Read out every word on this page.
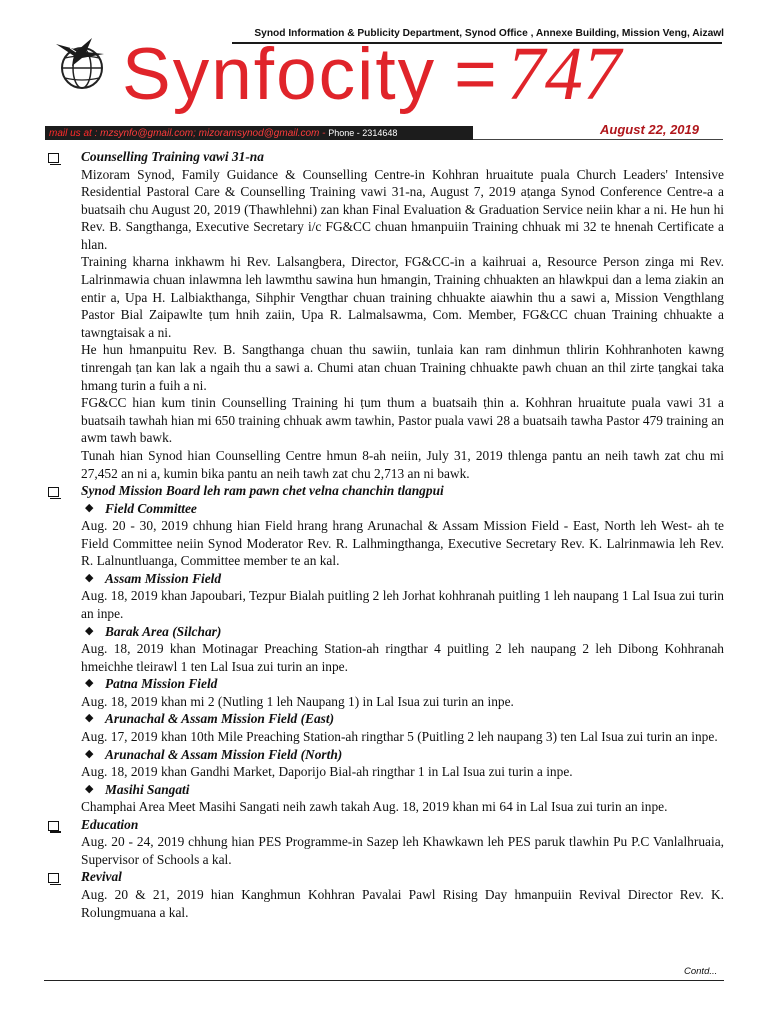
Synod Information & Publicity Department, Synod Office , Annexe Building, Mission Veng, Aizawl
Synfocity = 747
mail us at : mzsynfo@gmail.com; mizoramsynod@gmail.com - Phone - 2314648	August 22, 2019
Counselling Training vawi 31-na
Mizoram Synod, Family Guidance & Counselling Centre-in Kohhran hruaitute puala Church Leaders' Intensive Residential Pastoral Care & Counselling Training vawi 31-na, August 7, 2019 aṭanga Synod Conference Centre-a a buatsaih chu August 20, 2019 (Thawhlehni) zan khan Final Evaluation & Graduation Service neiin khar a ni. He hun hi Rev. B. Sangthanga, Executive Secretary i/c FG&CC chuan hmanpuiin Training chhuak mi 32 te hnenah Certificate a hlan.
Training kharna inkhawm hi Rev. Lalsangbera, Director, FG&CC-in a kaihruai a, Resource Person zinga mi Rev. Lalrinmawia chuan inlawmna leh lawmthu sawina hun hmangin, Training chhuakten an hlawkpui dan a lema ziakin an entir a, Upa H. Lalbiakthanga, Sihphir Vengthar chuan training chhuakte aiawhin thu a sawi a, Mission Vengthlang Pastor Bial Zaipawlte ṭum hnih zaiin, Upa R. Lalmalsawma, Com. Member, FG&CC chuan Training chhuakte a tawngtaisak a ni.
He hun hmanpuitu Rev. B. Sangthanga chuan thu sawiin, tunlaia kan ram dinhmun thlirin Kohhranhoten kawng tinrengah ṭan kan lak a ngaih thu a sawi a. Chumi atan chuan Training chhuakte pawh chuan an thil zirte ṭangkai taka hmang turin a fuih a ni.
FG&CC hian kum tinin Counselling Training hi ṭum thum a buatsaih ṭhin a. Kohhran hruaitute puala vawi 31 a buatsaih tawhah hian mi 650 training chhuak awm tawhin, Pastor puala vawi 28 a buatsaih tawha Pastor 479 training an awm tawh bawk.
Tunah hian Synod hian Counselling Centre hmun 8-ah neiin, July 31, 2019 thlenga pantu an neih tawh zat chu mi 27,452 an ni a, kumin bika pantu an neih tawh zat chu 2,713 an ni bawk.
Synod Mission Board leh ram pawn chet velna chanchin tlangpui
◆ Field Committee
Aug. 20 - 30, 2019 chhung hian Field hrang hrang Arunachal & Assam Mission Field - East, North leh West- ah te Field Committee neiin Synod Moderator Rev. R. Lalhmingthanga, Executive Secretary Rev. K. Lalrinmawia leh Rev. R. Lalnuntluanga, Committee member te an kal.
◆ Assam Mission Field
Aug. 18, 2019 khan Japoubari, Tezpur Bialah puitling 2 leh Jorhat kohhranah puitling 1 leh naupang 1 Lal Isua zui turin an inpe.
◆ Barak Area (Silchar)
Aug. 18, 2019 khan Motinagar Preaching Station-ah ringthar 4 puitling 2 leh naupang 2 leh Dibong Kohhranah hmeichhe tleirawl 1 ten Lal Isua zui turin an inpe.
◆ Patna Mission Field
Aug. 18, 2019 khan mi 2 (Nutling 1 leh Naupang 1) in Lal Isua zui turin an inpe.
◆ Arunachal & Assam Mission Field (East)
Aug. 17, 2019 khan 10th Mile Preaching Station-ah ringthar 5 (Puitling 2 leh naupang 3) ten Lal Isua zui turin an inpe.
◆ Arunachal & Assam Mission Field (North)
Aug. 18, 2019 khan Gandhi Market, Daporijo Bial-ah ringthar 1 in Lal Isua zui turin a inpe.
◆ Masihi Sangati
Champhai Area Meet Masihi Sangati neih zawh takah Aug. 18, 2019 khan mi 64 in Lal Isua zui turin an inpe.
Education
Aug. 20 - 24, 2019 chhung hian PES Programme-in Sazep leh Khawkawn leh PES paruk tlawhin Pu P.C Vanlalhruaia, Supervisor of Schools a kal.
Revival
Aug. 20 & 21, 2019 hian Kanghmun Kohhran Pavalai Pawl Rising Day hmanpuiin Revival Director Rev. K. Rolungmuana a kal.
Contd...
